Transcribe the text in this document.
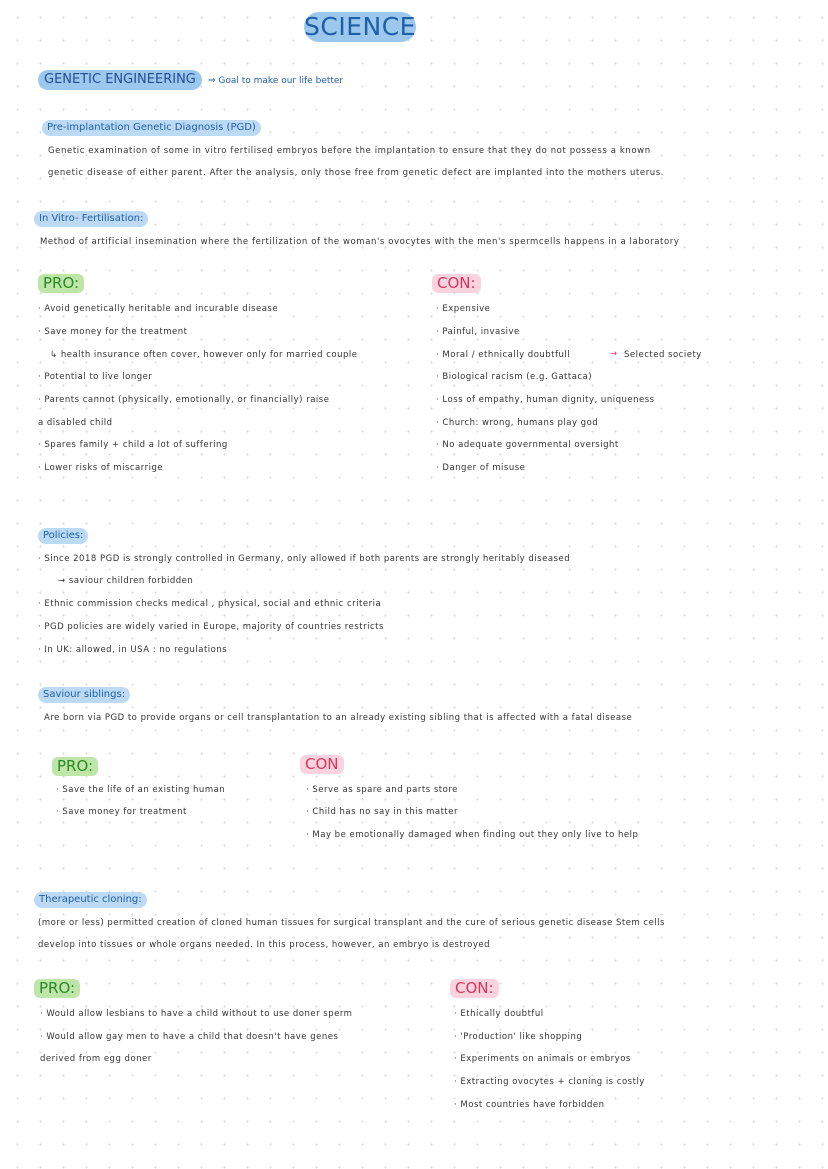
SCIENCE
GENETIC ENGINEERING	⇒ Goal to make our life better
Pre-implantation Genetic Diagnosis (PGD)
Genetic examination of some in vitro fertilised embryos before the implantation to ensure that they do not possess a known
genetic disease of either parent. After the analysis, only those free from genetic defect are implanted into the mothers uterus.
In Vitro- Fertilisation:
Method of artificial insemination where the fertilization of the woman's ovocytes with the men's spermcells happens in a laboratory
PRO:	CON:
· Avoid genetically heritable and incurable disease
· Save money for the treatment
↳ health insurance often cover, however only for married couple
· Potential to live longer
· Parents cannot (physically, emotionally, or financially) raise
a disabled child
· Spares family + child a lot of suffering
· Lower risks of miscarrige
· Expensive
· Painful, invasive
· Moral / ethnically doubtfull	→ Selected society
· Biological racism (e.g. Gattaca)
· Loss of empathy, human dignity, uniqueness
· Church: wrong, humans play god
· No adequate governmental oversight
· Danger of misuse
Policies:
· Since 2018 PGD is strongly controlled in Germany, only allowed if both parents are strongly heritably diseased
→ saviour children forbidden
· Ethnic commission checks medical , physical, social and ethnic criteria
· PGD policies are widely varied in Europe, majority of countries restricts
· In UK: allowed, in USA : no regulations
Saviour siblings:
Are born via PGD to provide organs or cell transplantation to an already existing sibling that is affected with a fatal disease
PRO:	CON
· Save the life of an existing human
· Save money for treatment
· Serve as spare and parts store
· Child has no say in this matter
· May be emotionally damaged when finding out they only live to help
Therapeutic cloning:
(more or less) permitted creation of cloned human tissues for surgical transplant and the cure of serious genetic disease Stem cells
develop into tissues or whole organs needed. In this process, however, an embryo is destroyed
PRO:	CON:
· Would allow lesbians to have a child without to use doner sperm
· Would allow gay men to have a child that doesn't have genes
derived from egg doner
· Ethically doubtful
· 'Production' like shopping
· Experiments on animals or embryos
· Extracting ovocytes + cloning is costly
· Most countries have forbidden
